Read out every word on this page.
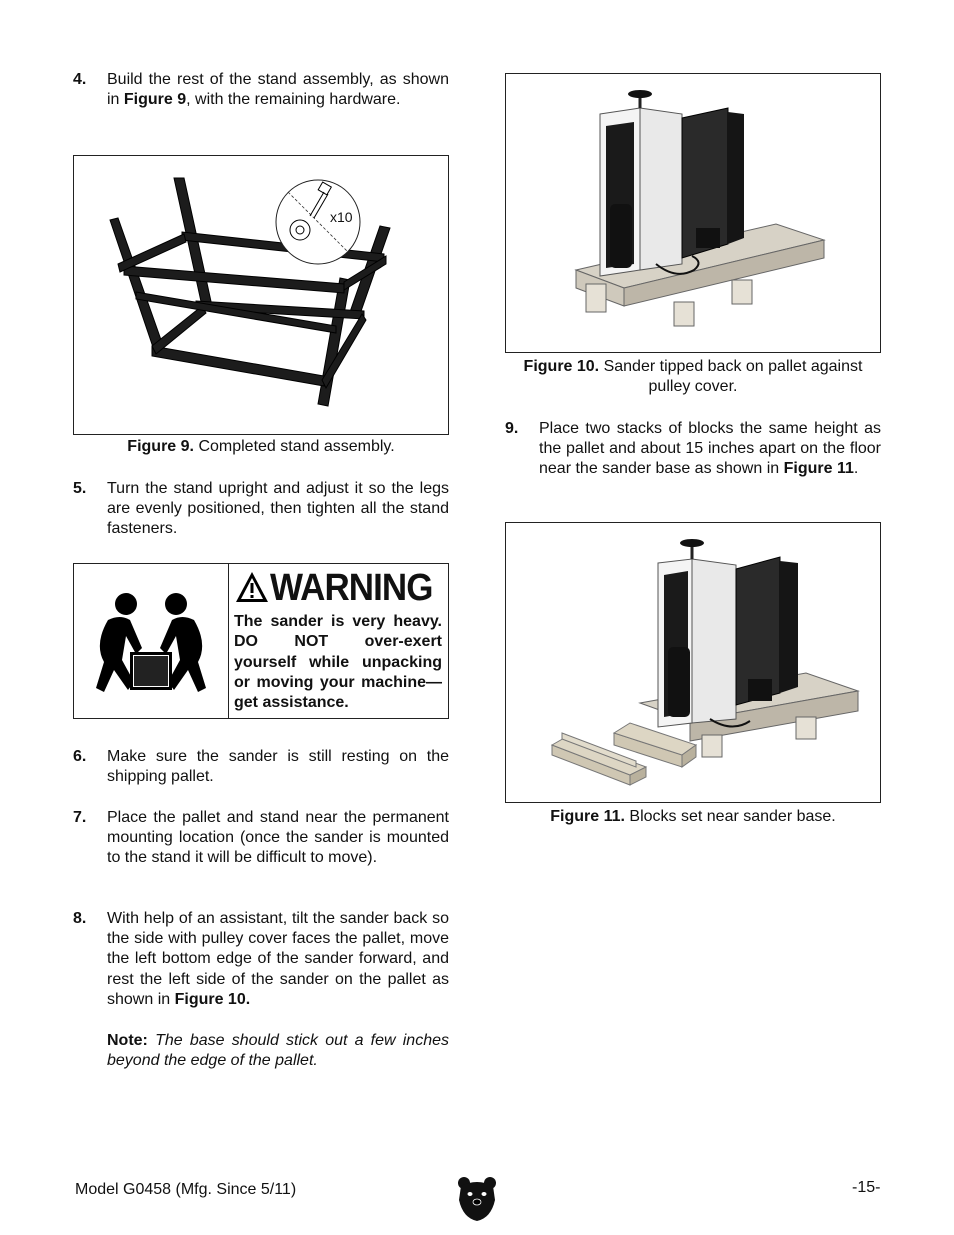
4. Build the rest of the stand assembly, as shown in Figure 9, with the remaining hardware.
5. Turn the stand upright and adjust it so the legs are evenly positioned, then tighten all the stand fasteners.
6. Make sure the sander is still resting on the shipping pallet.
7. Place the pallet and stand near the permanent mounting location (once the sander is mounted to the stand it will be difficult to move).
8. With help of an assistant, tilt the sander back so the side with pulley cover faces the pallet, move the left bottom edge of the sander forward, and rest the left side of the sander on the pallet as shown in Figure 10.
Note: The base should stick out a few inches beyond the edge of the pallet.
x10
Figure 9. Completed stand assembly.
WARNING
The sander is very heavy. DO NOT over-exert yourself while unpacking or moving your machine—get assistance.
Figure 10. Sander tipped back on pallet against pulley cover.
9. Place two stacks of blocks the same height as the pallet and about 15 inches apart on the floor near the sander base as shown in Figure 11.
Figure 11. Blocks set near sander base.
Model G0458 (Mfg. Since 5/11)	-15-
